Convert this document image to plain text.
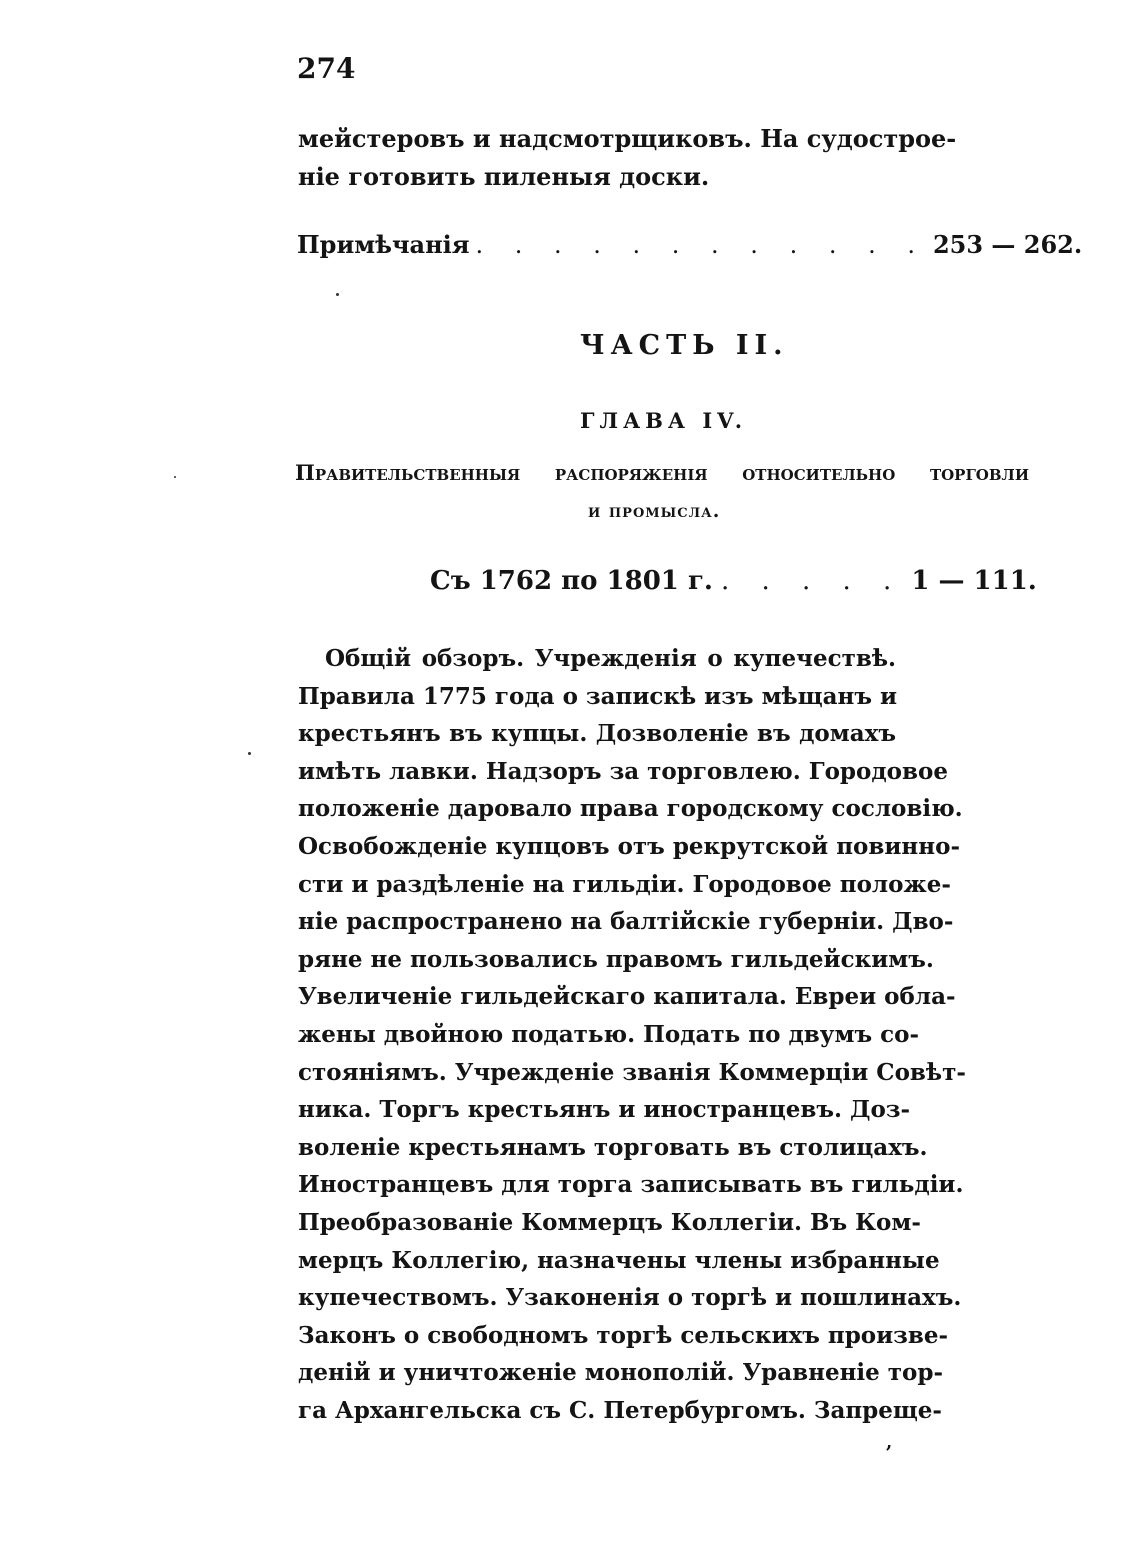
274
мейстеровъ и надсмотрщиковъ. На судострое-
ніе готовить пиленыя доски.
Примѣчанія . . . . . . . . . . . . 253 — 262.
ЧАСТЬ II.
ГЛАВА IV.
Правительственныя распоряженія относительно торговли
и промысла.
Съ 1762 по 1801 г. . . . . . 1 — 111.
Общій обзоръ. Учрежденія о купечествѣ.
Правила 1775 года о запискѣ изъ мѣщанъ и
крестьянъ въ купцы. Дозволеніе въ домахъ
имѣть лавки. Надзоръ за торговлею. Городовое
положеніе даровало права городскому сословію.
Освобожденіе купцовъ отъ рекрутской повинно-
сти и раздѣленіе на гильдіи. Городовое положе-
ніе распространено на балтійскіе губерніи. Дво-
ряне не пользовались правомъ гильдейскимъ.
Увеличеніе гильдейскаго капитала. Евреи обла-
жены двойною податью. Подать по двумъ со-
стояніямъ. Учрежденіе званія Коммерціи Совѣт-
ника. Торгъ крестьянъ и иностранцевъ. Доз-
воленіе крестьянамъ торговать въ столицахъ.
Иностранцевъ для торга записывать въ гильдіи.
Преобразованіе Коммерцъ Коллегіи. Въ Ком-
мерцъ Коллегію, назначены члены избранные
купечествомъ. Узаконенія о торгѣ и пошлинахъ.
Законъ о свободномъ торгѣ сельскихъ произве-
деній и уничтоженіе монополій. Уравненіе тор-
га Архангельска съ С. Петербургомъ. Запреще-
,
